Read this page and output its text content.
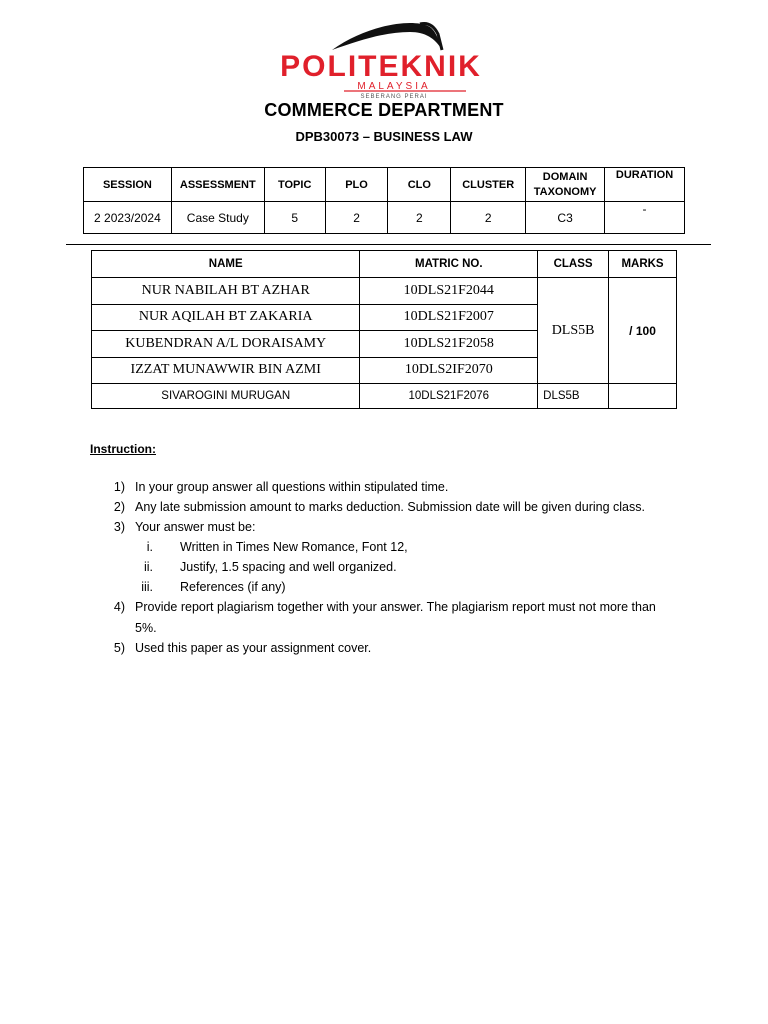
POLITEKNIK
MALAYSIA
SEBERANG PERAI
COMMERCE DEPARTMENT
DPB30073 – BUSINESS LAW
SESSION	ASSESSMENT	TOPIC	PLO	CLO	CLUSTER	DOMAIN
TAXONOMY	DURATION
2 2023/2024	Case Study	5	2	2	2	C3	-
NAME	MATRIC NO.	CLASS	MARKS
NUR NABILAH BT AZHAR	10DLS21F2044	DLS5B	/ 100
NUR AQILAH BT ZAKARIA	10DLS21F2007		
KUBENDRAN A/L DORAISAMY	10DLS21F2058		
IZZAT MUNAWWIR BIN AZMI	10DLS2IF2070		
SIVAROGINI MURUGAN	10DLS21F2076	DLS5B	
Instruction:
1) In your group answer all questions within stipulated time.
2) Any late submission amount to marks deduction. Submission date will be given during class.
3) Your answer must be:
i. Written in Times New Romance, Font 12,
ii. Justify, 1.5 spacing and well organized.
iii. References (if any)
4) Provide report plagiarism together with your answer. The plagiarism report must not more than
5%.
5) Used this paper as your assignment cover.
